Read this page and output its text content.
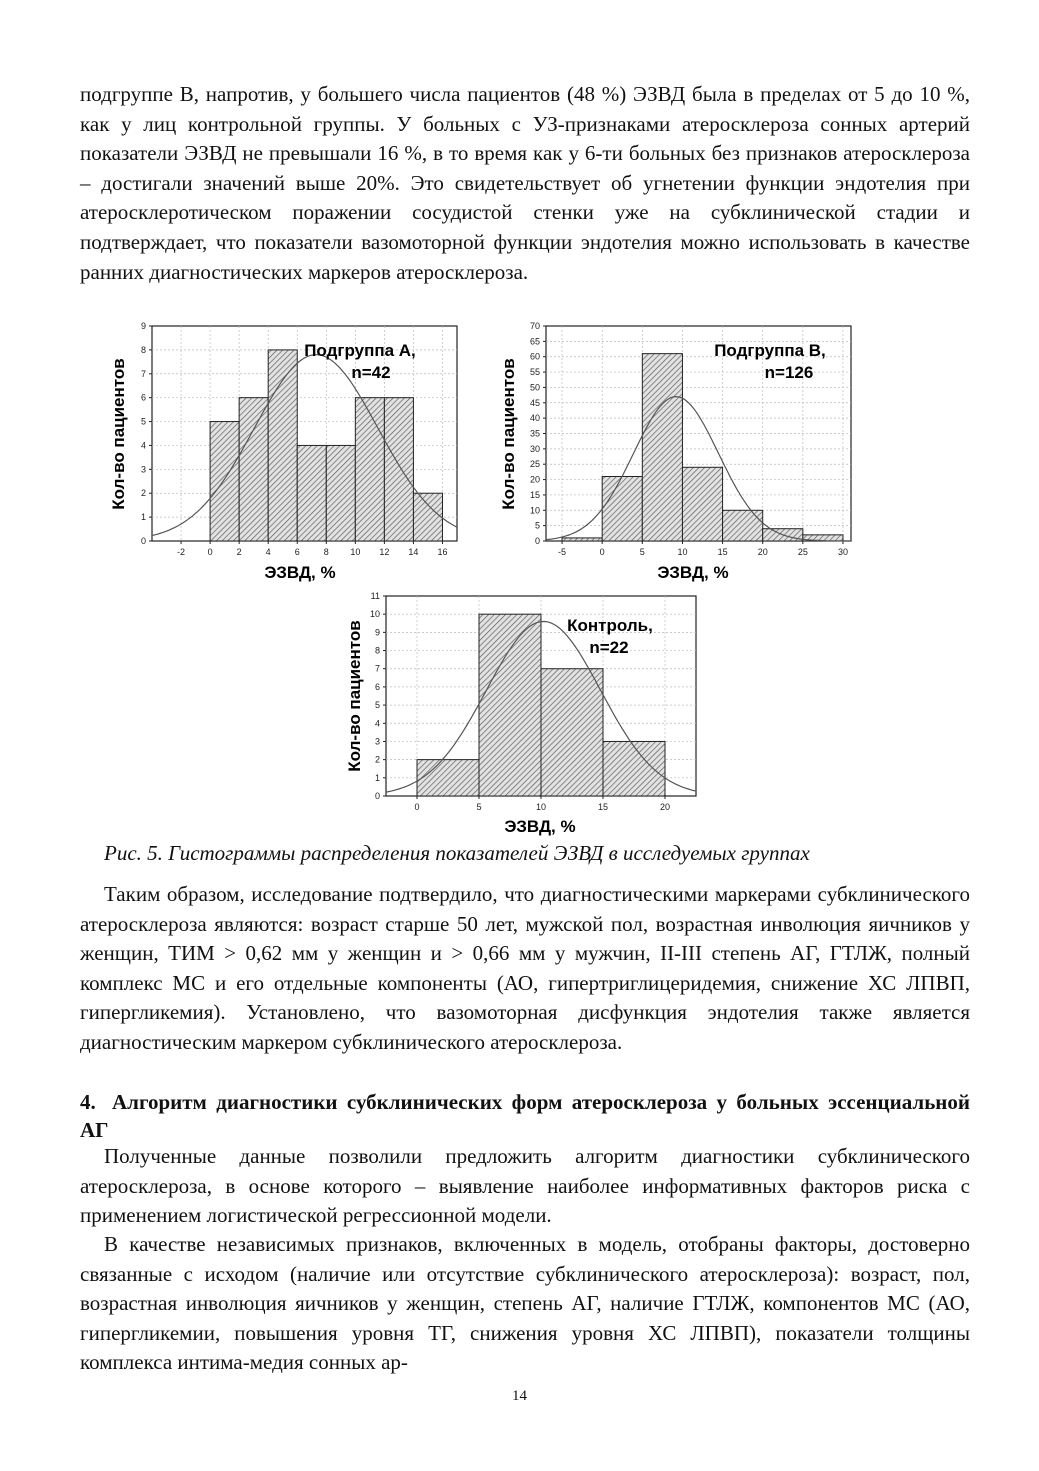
подгруппе В, напротив, у большего числа пациентов (48 %) ЭЗВД была в пределах от 5 до 10 %, как у лиц контрольной группы. У больных с УЗ-признаками атеросклероза сонных артерий показатели ЭЗВД не превышали 16 %, в то время как у 6-ти больных без признаков атеросклероза – достигали значений выше 20%. Это свидетельствует об угнетении функции эндотелия при атеросклеротическом поражении сосудистой стенки уже на субклинической стадии и подтверждает, что показатели вазомоторной функции эндотелия можно использовать в качестве ранних диагностических маркеров атеросклероза.

0
1
2
3
4
5
6
7
8
9
-2	0	2	4	6	8 10 12 14 16
Подгруппа А,
n=42
ЭЗВД, %
Кол-во пациентов
0
5
10
15
20
25
30
35
40
45
50
55
60
65
70
-5	0	5	10	15	20	25	30
Подгруппа В,
n=126
ЭЗВД, %
Кол-во пациентов
0
1
2
3
4
5
6
7
8
9
10
11
0	5	10	15	20
Контроль,
n=22
ЭЗВД, %
Кол-во пациентов

Рис. 5. Гистограммы распределения показателей ЭЗВД в исследуемых группах

Таким образом, исследование подтвердило, что диагностическими маркерами субклинического атеросклероза являются: возраст старше 50 лет, мужской пол, возрастная инволюция яичников у женщин, ТИМ > 0,62 мм у женщин и > 0,66 мм у мужчин, II-III степень АГ, ГТЛЖ, полный комплекс МС и его отдельные компоненты (АО, гипертриглицеридемия, снижение ХС ЛПВП, гипергликемия). Установлено, что вазомоторная дисфункция эндотелия также является диагностическим маркером субклинического атеросклероза.

4. Алгоритм диагностики субклинических форм атеросклероза у больных эссенциальной АГ

Полученные данные позволили предложить алгоритм диагностики субклинического атеросклероза, в основе которого – выявление наиболее информативных факторов риска с применением логистической регрессионной модели.

В качестве независимых признаков, включенных в модель, отобраны факторы, достоверно связанные с исходом (наличие или отсутствие субклинического атеросклероза): возраст, пол, возрастная инволюция яичников у женщин, степень АГ, наличие ГТЛЖ, компонентов МС (АО, гипергликемии, повышения уровня ТГ, снижения уровня ХС ЛПВП), показатели толщины комплекса интима-медия сонных ар-

14
